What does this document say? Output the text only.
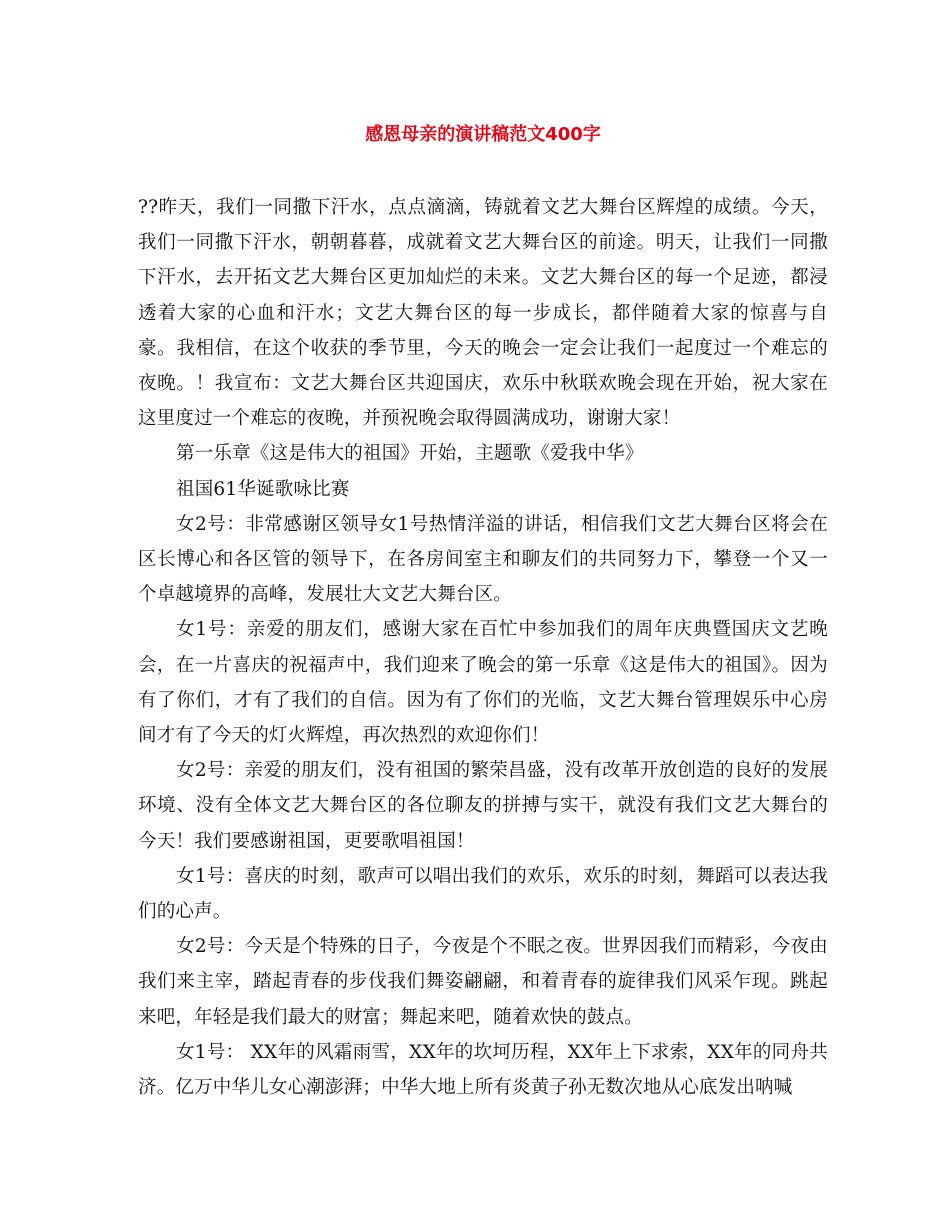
感恩母亲的演讲稿范文400字

??昨天，我们一同撒下汗水，点点滴滴，铸就着文艺大舞台区辉煌的成绩。今天，我们一同撒下汗水，朝朝暮暮，成就着文艺大舞台区的前途。明天，让我们一同撒下汗水，去开拓文艺大舞台区更加灿烂的未来。文艺大舞台区的每一个足迹，都浸透着大家的心血和汗水；文艺大舞台区的每一步成长，都伴随着大家的惊喜与自豪。我相信，在这个收获的季节里，今天的晚会一定会让我们一起度过一个难忘的夜晚。！我宣布：文艺大舞台区共迎国庆，欢乐中秋联欢晚会现在开始，祝大家在这里度过一个难忘的夜晚，并预祝晚会取得圆满成功，谢谢大家！

第一乐章《这是伟大的祖国》开始，主题歌《爱我中华》

祖国61华诞歌咏比赛

女2号：非常感谢区领导女1号热情洋溢的讲话，相信我们文艺大舞台区将会在区长博心和各区管的领导下，在各房间室主和聊友们的共同努力下，攀登一个又一个卓越境界的高峰，发展壮大文艺大舞台区。

女1号：亲爱的朋友们，感谢大家在百忙中参加我们的周年庆典暨国庆文艺晚会，在一片喜庆的祝福声中，我们迎来了晚会的第一乐章《这是伟大的祖国》。因为有了你们，才有了我们的自信。因为有了你们的光临，文艺大舞台管理娱乐中心房间才有了今天的灯火辉煌，再次热烈的欢迎你们！

女2号：亲爱的朋友们，没有祖国的繁荣昌盛，没有改革开放创造的良好的发展环境、没有全体文艺大舞台区的各位聊友的拼搏与实干，就没有我们文艺大舞台的今天！我们要感谢祖国，更要歌唱祖国！

女1号：喜庆的时刻，歌声可以唱出我们的欢乐，欢乐的时刻，舞蹈可以表达我们的心声。

女2号：今天是个特殊的日子，今夜是个不眠之夜。世界因我们而精彩，今夜由我们来主宰，踏起青春的步伐我们舞姿翩翩，和着青春的旋律我们风采乍现。跳起来吧，年轻是我们最大的财富；舞起来吧，随着欢快的鼓点。

女1号： XX年的风霜雨雪，XX年的坎坷历程，XX年上下求索，XX年的同舟共济。亿万中华儿女心潮澎湃；中华大地上所有炎黄子孙无数次地从心底发出呐喊
